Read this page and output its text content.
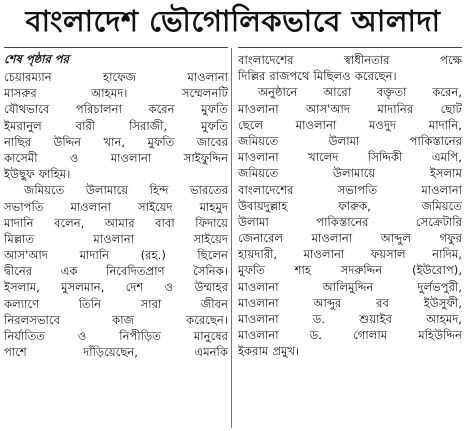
বাংলাদেশ ভৌগোলিকভাবে আলাদা
শেষ পৃষ্ঠার পর
চেয়ারম্যান	হাফেজ	মাওলানা
মাসরুর	আহমদ।	সম্মেলনটি
যৌথভাবে পরিচালনা করেন মুফতি
ইমরানুল	বারী	সিরাজী,	মুফতি
নাছির উদ্দিন খান, মুফতি জাবের
কাসেমী	ও	মাওলানা	সাইফুদ্দিন
ইউছুফ ফাহিম।
জমিয়তে উলামায়ে হিন্দ ভারতের
সভাপতি মাওলানা সাইয়েদ মাহমুদ
মাদানি বলেন, আমার বাবা ফিদায়ে
মিল্লাত	মাওলানা	সাইয়েদ
আস'আদ	মাদানি	(রহ.)	ছিলেন
দ্বীনের এক নিবেদিতপ্রাণ সৈনিক।
ইসলাম, মুসলমান, দেশ ও উম্মাহর
কল্যাণে	তিনি	সারা	জীবন
নিরলসভাবে	কাজ	করেছেন।
নির্যাতিত	ও	নিপীড়িত	মানুষের
পাশে	দাঁড়িয়েছেন,	এমনকি
বাংলাদেশের	স্বাধীনতার	পক্ষে
দিল্লির রাজপথে মিছিলও করেছেন।
অনুষ্ঠানে আরো বক্তৃতা করেন,
মাওলানা আস'আদ মাদানির ছোট
ছেলে	মাওলানা	মওদুদ	মাদানি,
জমিয়তে	উলামা	পাকিস্তানের
মাওলানা	খালেদ	সিদ্দিকী	এমপি,
জমিয়তে	উলামায়ে	ইসলাম
বাংলাদেশের	সভাপতি	মাওলানা
উবায়দুল্লাহ	ফারুক,	জমিয়তে
উলামা	পাকিস্তানের	সেক্রেটারি
জেনারেল মাওলানা আব্দুল গফুর
হায়দারী, মাওলানা ফয়সাল নাদিম,
মুফতি	শাহ	সদরুদ্দিন	(ইউরোপ),
মাওলানা	আলিমুদ্দিন	দুর্লভপুরী,
মাওলানা	আব্দুর	রব	ইউসুফী,
মাওলানা	ড.	শুয়াইব	আহমদ,
মাওলানা	ড.	গোলাম	মহিউদ্দিন
ইকরাম প্রমুখ।
